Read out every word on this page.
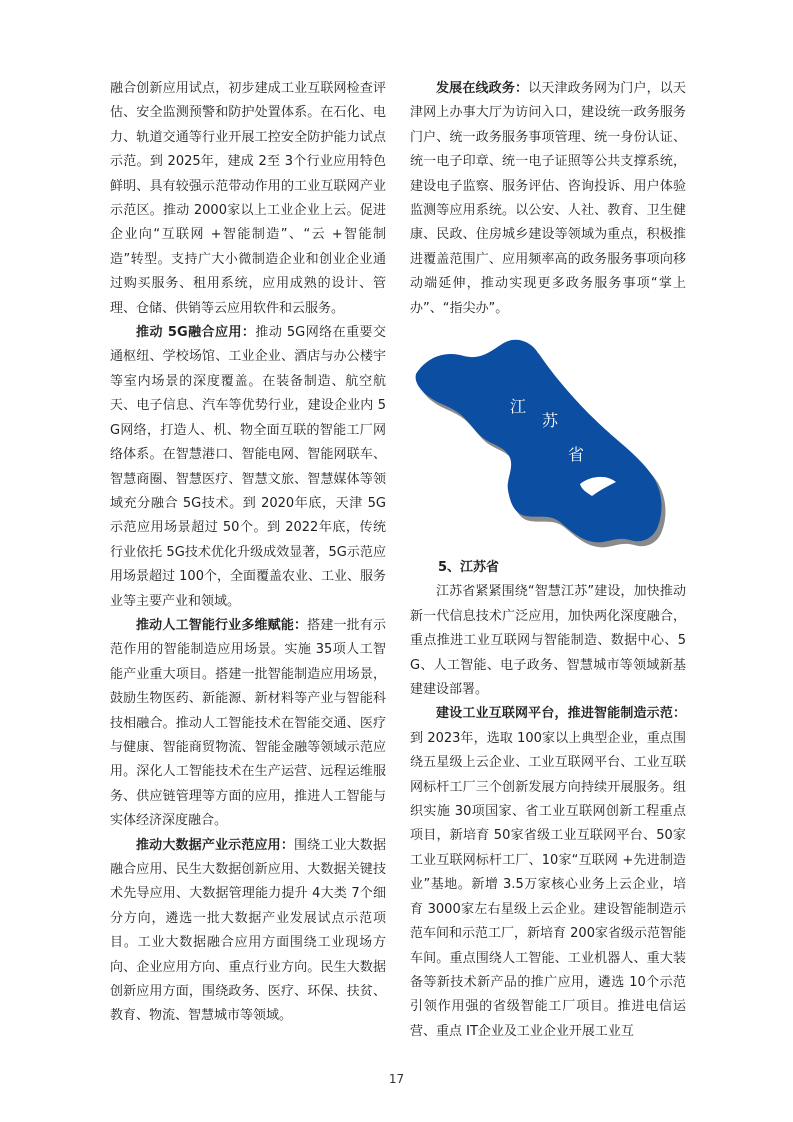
融合创新应用试点，初步建成工业互联网检查评估、安全监测预警和防护处置体系。在石化、电力、轨道交通等行业开展工控安全防护能力试点示范。到 2025年，建成 2至 3个行业应用特色鲜明、具有较强示范带动作用的工业互联网产业示范区。推动 2000家以上工业企业上云。促进企业向“互联网 +智能制造”、“云 +智能制造”转型。支持广大小微制造企业和创业企业通过购买服务、租用系统，应用成熟的设计、管理、仓储、供销等云应用软件和云服务。

推动 5G融合应用：推动 5G网络在重要交通枢纽、学校场馆、工业企业、酒店与办公楼宇等室内场景的深度覆盖。在装备制造、航空航天、电子信息、汽车等优势行业，建设企业内 5G网络，打造人、机、物全面互联的智能工厂网络体系。在智慧港口、智能电网、智能网联车、智慧商圈、智慧医疗、智慧文旅、智慧媒体等领域充分融合 5G技术。到 2020年底，天津 5G示范应用场景超过 50个。到 2022年底，传统行业依托 5G技术优化升级成效显著，5G示范应用场景超过 100个，全面覆盖农业、工业、服务业等主要产业和领域。

推动人工智能行业多维赋能：搭建一批有示范作用的智能制造应用场景。实施 35项人工智能产业重大项目。搭建一批智能制造应用场景，鼓励生物医药、新能源、新材料等产业与智能科技相融合。推动人工智能技术在智能交通、医疗与健康、智能商贸物流、智能金融等领域示范应用。深化人工智能技术在生产运营、远程运维服务、供应链管理等方面的应用，推进人工智能与实体经济深度融合。

推动大数据产业示范应用：围绕工业大数据融合应用、民生大数据创新应用、大数据关键技术先导应用、大数据管理能力提升 4大类 7个细分方向，遴选一批大数据产业发展试点示范项目。工业大数据融合应用方面围绕工业现场方向、企业应用方向、重点行业方向。民生大数据创新应用方面，围绕政务、医疗、环保、扶贫、教育、物流、智慧城市等领域。

发展在线政务：以天津政务网为门户，以天津网上办事大厅为访问入口，建设统一政务服务门户、统一政务服务事项管理、统一身份认证、统一电子印章、统一电子证照等公共支撑系统，建设电子监察、服务评估、咨询投诉、用户体验监测等应用系统。以公安、人社、教育、卫生健康、民政、住房城乡建设等领域为重点，积极推进覆盖范围广、应用频率高的政务服务事项向移动端延伸，推动实现更多政务服务事项“掌上办”、“指尖办”。

江
苏
省

5、江苏省

江苏省紧紧围绕“智慧江苏”建设，加快推动新一代信息技术广泛应用，加快两化深度融合，重点推进工业互联网与智能制造、数据中心、5G、人工智能、电子政务、智慧城市等领域新基建建设部署。

建设工业互联网平台，推进智能制造示范：到 2023年，选取 100家以上典型企业，重点围绕五星级上云企业、工业互联网平台、工业互联网标杆工厂三个创新发展方向持续开展服务。组织实施 30项国家、省工业互联网创新工程重点项目，新培育 50家省级工业互联网平台、50家工业互联网标杆工厂、10家“互联网 +先进制造业”基地。新增 3.5万家核心业务上云企业，培育 3000家左右星级上云企业。建设智能制造示范车间和示范工厂，新培育 200家省级示范智能车间。重点围绕人工智能、工业机器人、重大装备等新技术新产品的推广应用，遴选 10个示范引领作用强的省级智能工厂项目。推进电信运营、重点 IT企业及工业企业开展工业互

17
